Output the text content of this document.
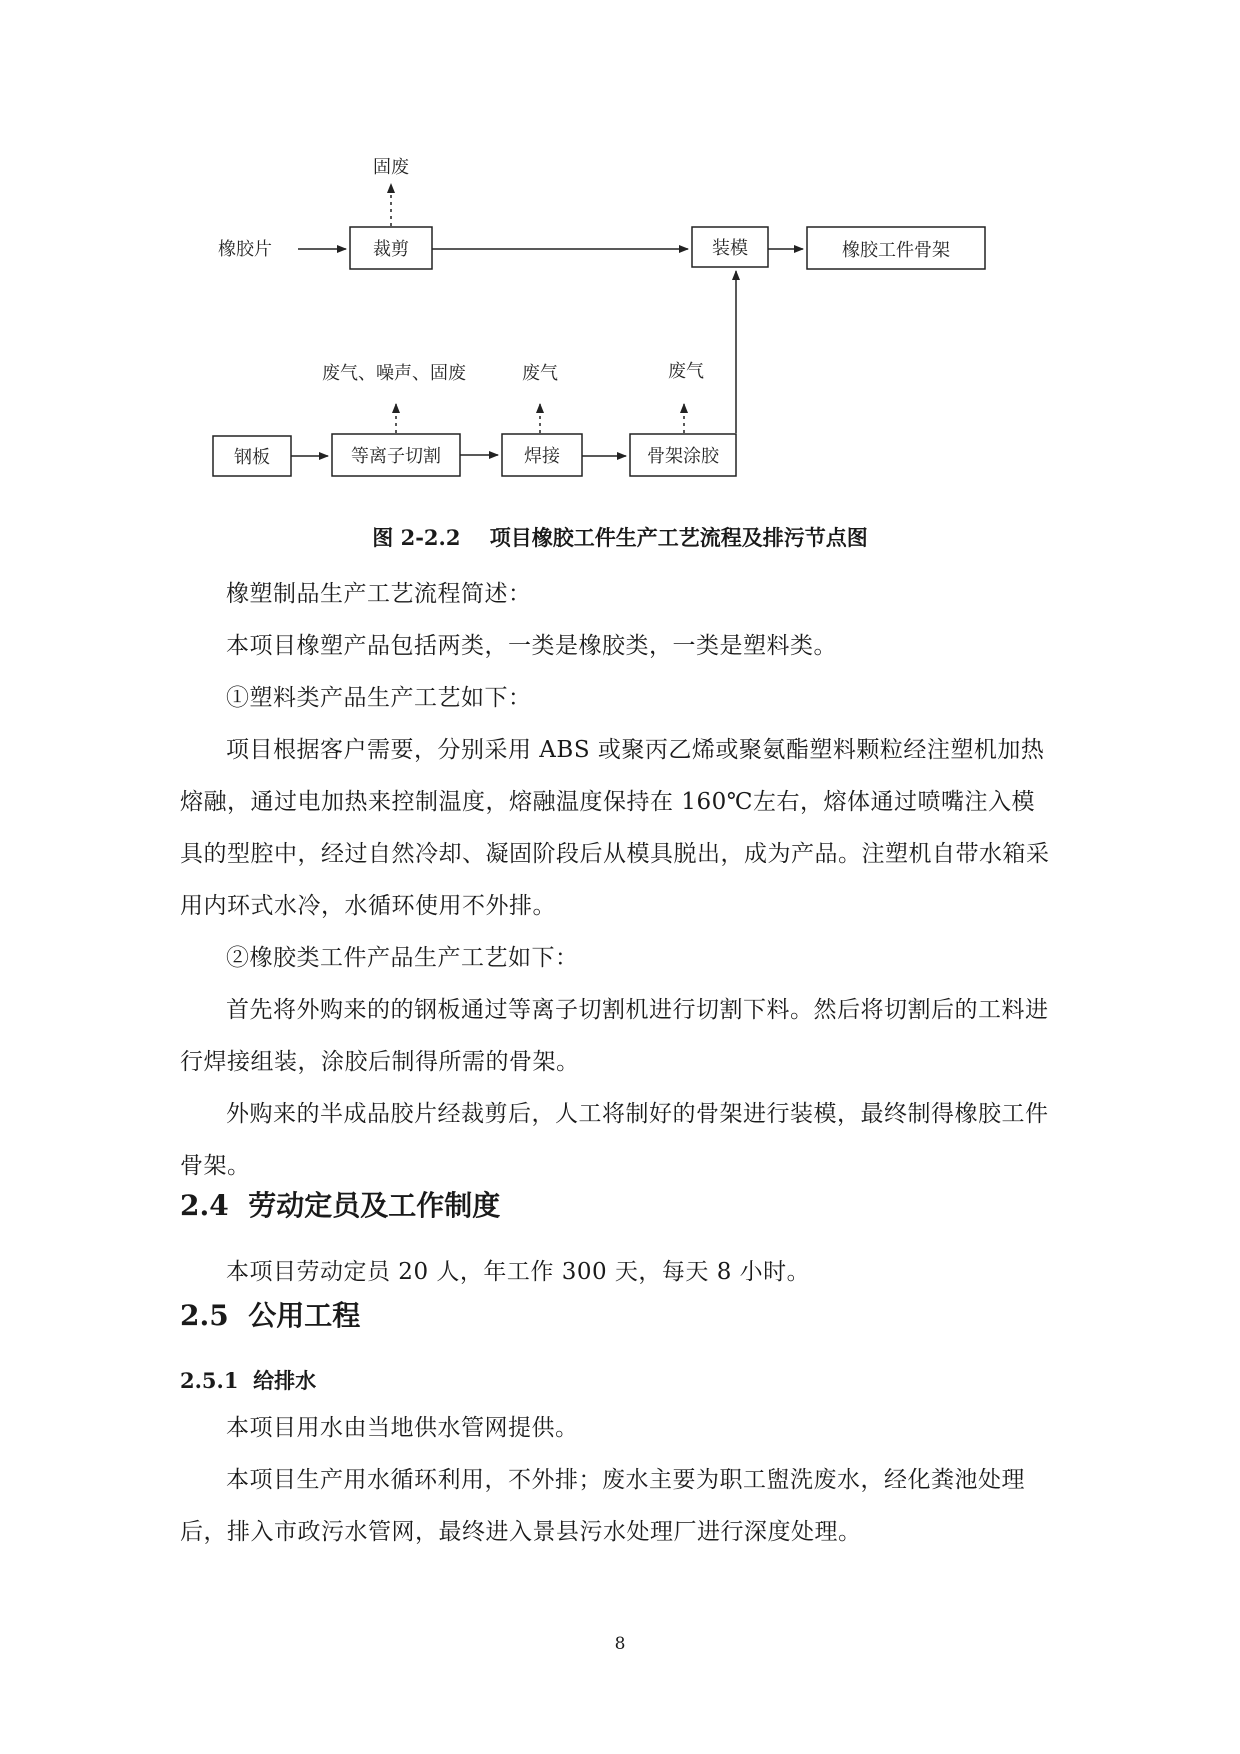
橡胶片	裁剪
固废
装模	橡胶工件骨架
钢板	等离子切割
废气、噪声、固废
焊接
废气
骨架涂胶
废气
图 2-2.2    项目橡胶工件生产工艺流程及排污节点图

橡塑制品生产工艺流程简述：

本项目橡塑产品包括两类，一类是橡胶类，一类是塑料类。

①塑料类产品生产工艺如下：

项目根据客户需要，分别采用 ABS 或聚丙乙烯或聚氨酯塑料颗粒经注塑机加热熔融，通过电加热来控制温度，熔融温度保持在 160℃左右，熔体通过喷嘴注入模具的型腔中，经过自然冷却、凝固阶段后从模具脱出，成为产品。注塑机自带水箱采用内环式水冷，水循环使用不外排。

②橡胶类工件产品生产工艺如下：

首先将外购来的的钢板通过等离子切割机进行切割下料。然后将切割后的工料进行焊接组装，涂胶后制得所需的骨架。

外购来的半成品胶片经裁剪后，人工将制好的骨架进行装模，最终制得橡胶工件骨架。

2.4  劳动定员及工作制度

本项目劳动定员 20 人，年工作 300 天，每天 8 小时。

2.5  公用工程
2.5.1  给排水

本项目用水由当地供水管网提供。

本项目生产用水循环利用，不外排；废水主要为职工盥洗废水，经化粪池处理后，排入市政污水管网，最终进入景县污水处理厂进行深度处理。

8
